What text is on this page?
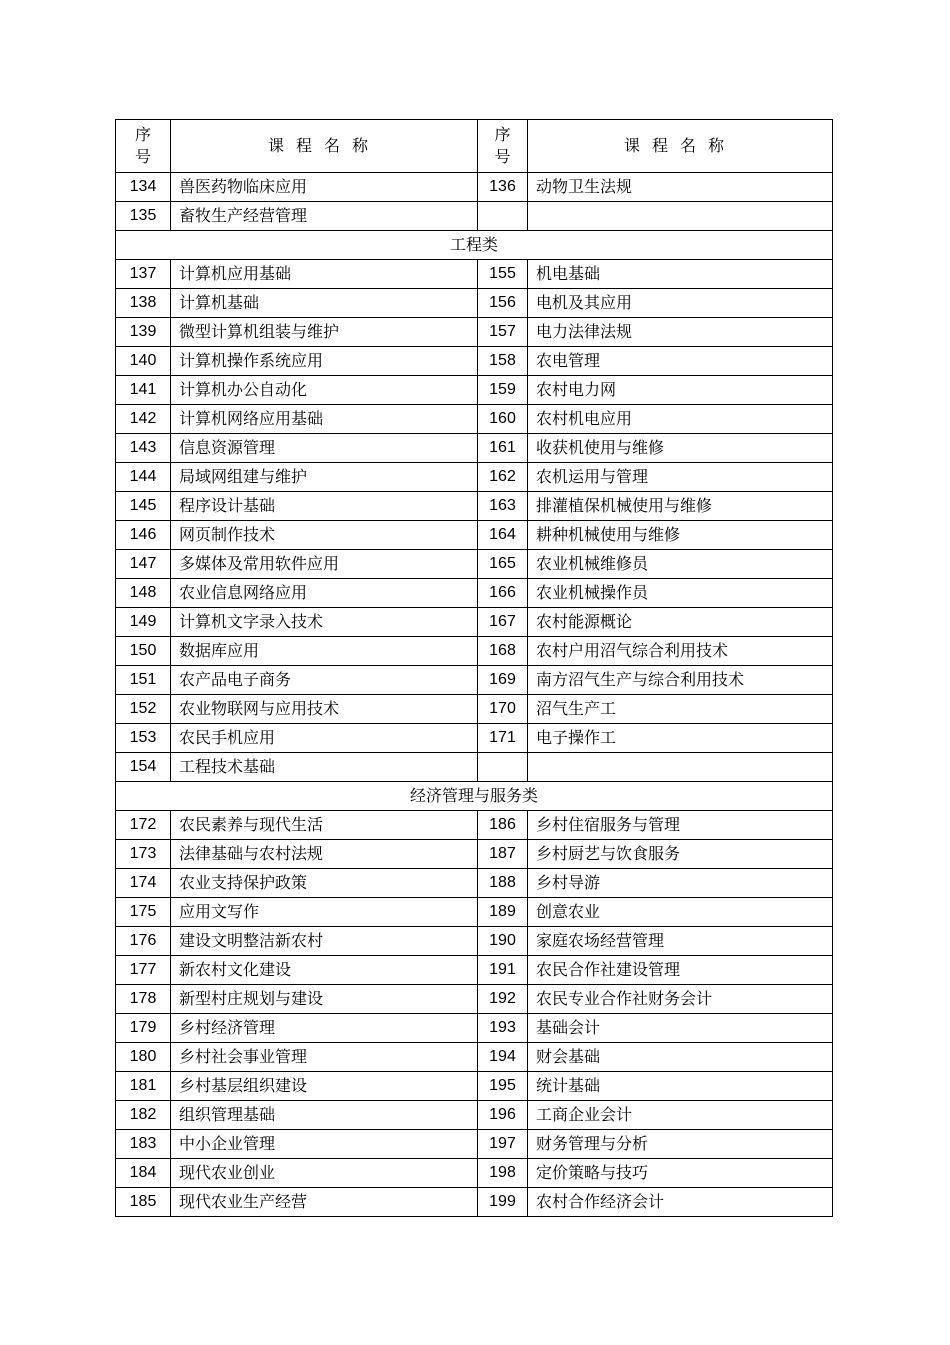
序号	课程名称	序号	课程名称
134	兽医药物临床应用	136	动物卫生法规
135	畜牧生产经营管理		
工程类			
137	计算机应用基础	155	机电基础
138	计算机基础	156	电机及其应用
139	微型计算机组装与维护	157	电力法律法规
140	计算机操作系统应用	158	农电管理
141	计算机办公自动化	159	农村电力网
142	计算机网络应用基础	160	农村机电应用
143	信息资源管理	161	收获机使用与维修
144	局域网组建与维护	162	农机运用与管理
145	程序设计基础	163	排灌植保机械使用与维修
146	网页制作技术	164	耕种机械使用与维修
147	多媒体及常用软件应用	165	农业机械维修员
148	农业信息网络应用	166	农业机械操作员
149	计算机文字录入技术	167	农村能源概论
150	数据库应用	168	农村户用沼气综合利用技术
151	农产品电子商务	169	南方沼气生产与综合利用技术
152	农业物联网与应用技术	170	沼气生产工
153	农民手机应用	171	电子操作工
154	工程技术基础		
经济管理与服务类			
172	农民素养与现代生活	186	乡村住宿服务与管理
173	法律基础与农村法规	187	乡村厨艺与饮食服务
174	农业支持保护政策	188	乡村导游
175	应用文写作	189	创意农业
176	建设文明整洁新农村	190	家庭农场经营管理
177	新农村文化建设	191	农民合作社建设管理
178	新型村庄规划与建设	192	农民专业合作社财务会计
179	乡村经济管理	193	基础会计
180	乡村社会事业管理	194	财会基础
181	乡村基层组织建设	195	统计基础
182	组织管理基础	196	工商企业会计
183	中小企业管理	197	财务管理与分析
184	现代农业创业	198	定价策略与技巧
185	现代农业生产经营	199	农村合作经济会计
